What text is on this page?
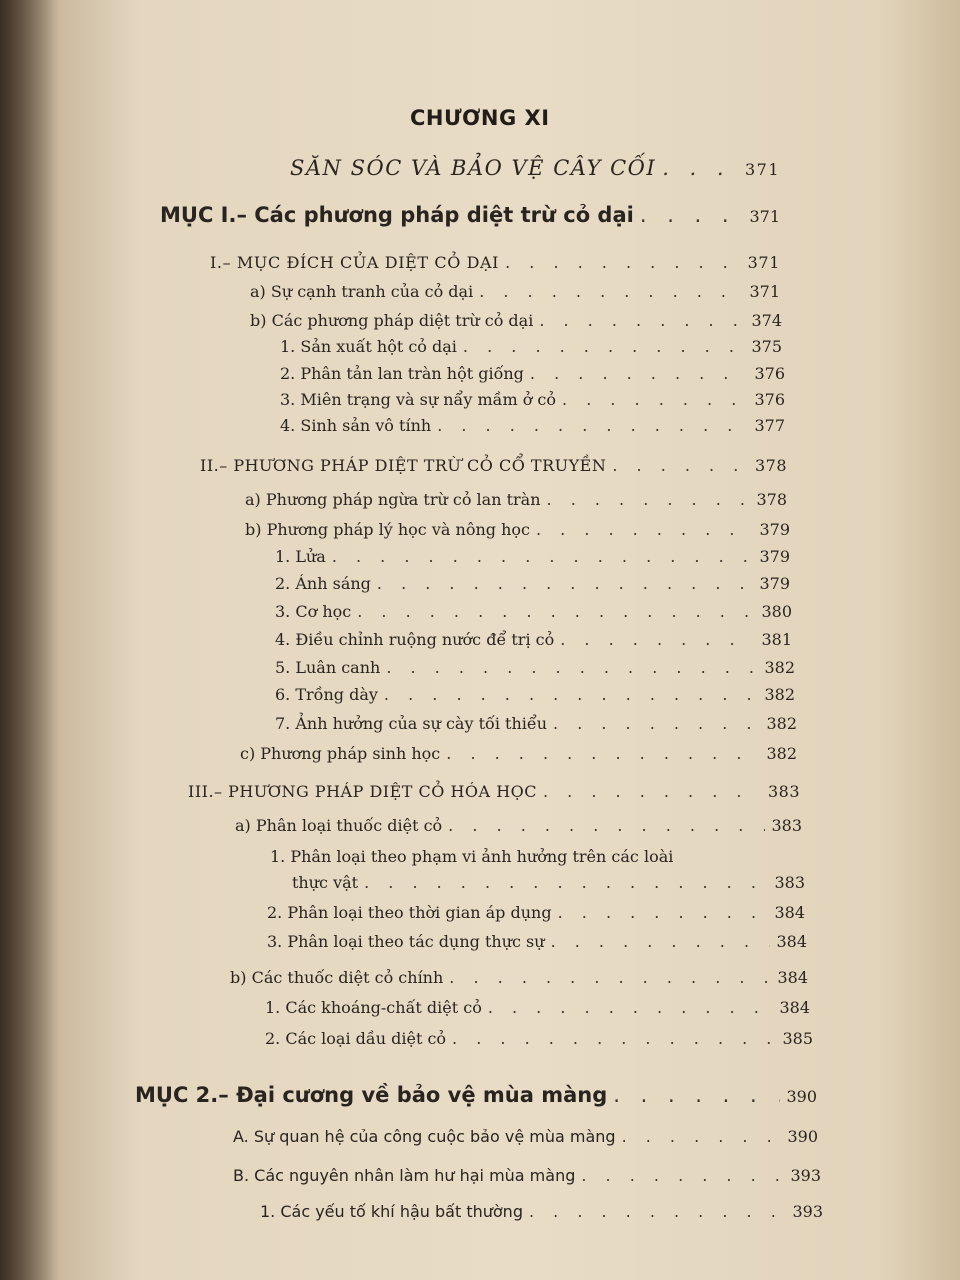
CHƯƠNG XI
SĂN SÓC VÀ BẢO VỆ CÂY CỐI . . .	371
MỤC I.– Các phương pháp diệt trừ cỏ dại . . .	371
I.– MỤC ĐÍCH CỦA DIỆT CỎ DẠI . . .	371
a) Sự cạnh tranh của cỏ dại . . .	371
b) Các phương pháp diệt trừ cỏ dại . . .	374
1. Sản xuất hột cỏ dại . . .	375
2. Phân tản lan tràn hột giống . . .	376
3. Miên trạng và sự nẩy mầm ở cỏ . . .	376
4. Sinh sản vô tính . . .	377
II.– PHƯƠNG PHÁP DIỆT TRỪ CỎ CỔ TRUYỀN . . .	378
a) Phương pháp ngừa trừ cỏ lan tràn . . .	378
b) Phương pháp lý học và nông học . . .	379
1. Lửa . . .	379
2. Ánh sáng . . .	379
3. Cơ học . . .	380
4. Điều chỉnh ruộng nước để trị cỏ . . .	381
5. Luân canh . . .	382
6. Trồng dày . . .	382
7. Ảnh hưởng của sự cày tối thiểu . . .	382
c) Phương pháp sinh học . . .	382
III.– PHƯƠNG PHÁP DIỆT CỎ HÓA HỌC . . .	383
a) Phân loại thuốc diệt cỏ . . .	383
1. Phân loại theo phạm vi ảnh hưởng trên các loài
thực vật . . .	383
2. Phân loại theo thời gian áp dụng . . .	384
3. Phân loại theo tác dụng thực sự . . .	384
b) Các thuốc diệt cỏ chính . . .	384
1. Các khoáng-chất diệt cỏ . . .	384
2. Các loại dầu diệt cỏ . . .	385
MỤC 2.– Đại cương về bảo vệ mùa màng . . .	390
A. Sự quan hệ của công cuộc bảo vệ mùa màng . . .	390
B. Các nguyên nhân làm hư hại mùa màng . . .	393
1. Các yếu tố khí hậu bất thường . . .	393
